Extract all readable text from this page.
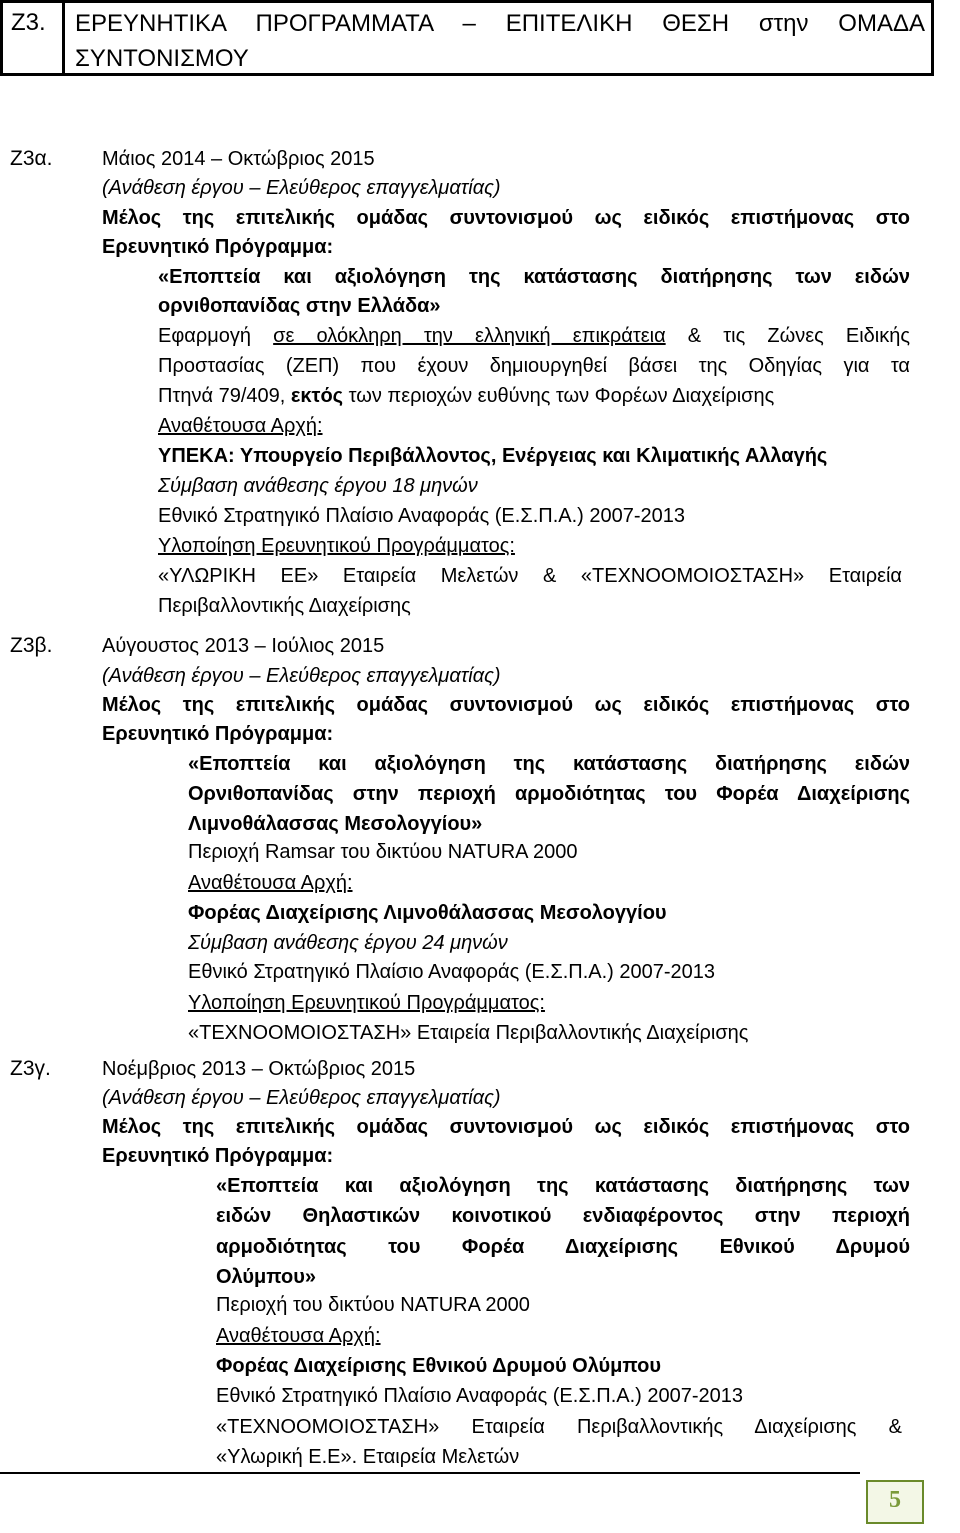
Ζ3.	ΕΡΕΥΝΗΤΙΚΑ ΠΡΟΓΡΑΜΜΑΤΑ – ΕΠΙΤΕΛΙΚΗ ΘΕΣΗ στην ΟΜΑΔΑ ΣΥΝΤΟΝΙΣΜΟΥ
Ζ3α. Μάιος 2014 – Οκτώβριος 2015
(Ανάθεση έργου – Ελεύθερος επαγγελματίας)
Μέλος της επιτελικής ομάδας συντονισμού ως ειδικός επιστήμονας στο
Ερευνητικό Πρόγραμμα:
«Εποπτεία και αξιολόγηση της κατάστασης διατήρησης των ειδών
ορνιθοπανίδας στην Ελλάδα»
Εφαρμογή σε ολόκληρη την ελληνική επικράτεια & τις Ζώνες Ειδικής
Προστασίας (ΖΕΠ) που έχουν δημιουργηθεί βάσει της Οδηγίας για τα
Πτηνά 79/409, εκτός των περιοχών ευθύνης των Φορέων Διαχείρισης
Αναθέτουσα Αρχή:
ΥΠΕΚΑ: Υπουργείο Περιβάλλοντος, Ενέργειας και Κλιματικής Αλλαγής
Σύμβαση ανάθεσης έργου 18 μηνών
Εθνικό Στρατηγικό Πλαίσιο Αναφοράς (Ε.Σ.Π.Α.) 2007-2013
Υλοποίηση Ερευνητικού Προγράμματος:
«ΥΛΩΡΙΚΗ ΕΕ» Εταιρεία Μελετών & «ΤΕΧΝΟΟΜΟΙΟΣΤΑΣΗ» Εταιρεία
Περιβαλλοντικής Διαχείρισης
Ζ3β. Αύγουστος 2013 – Ιούλιος 2015
(Ανάθεση έργου – Ελεύθερος επαγγελματίας)
Μέλος της επιτελικής ομάδας συντονισμού ως ειδικός επιστήμονας στο
Ερευνητικό Πρόγραμμα:
«Εποπτεία και αξιολόγηση της κατάστασης διατήρησης ειδών
Ορνιθοπανίδας στην περιοχή αρμοδιότητας του Φορέα Διαχείρισης
Λιμνοθάλασσας Μεσολογγίου»
Περιοχή Ramsar του δικτύου NATURA 2000
Αναθέτουσα Αρχή:
Φορέας Διαχείρισης Λιμνοθάλασσας Μεσολογγίου
Σύμβαση ανάθεσης έργου 24 μηνών
Εθνικό Στρατηγικό Πλαίσιο Αναφοράς (Ε.Σ.Π.Α.) 2007-2013
Υλοποίηση Ερευνητικού Προγράμματος:
«ΤΕΧΝΟΟΜΟΙΟΣΤΑΣΗ» Εταιρεία Περιβαλλοντικής Διαχείρισης
Ζ3γ.	Νοέμβριος 2013 – Οκτώβριος 2015
(Ανάθεση έργου – Ελεύθερος επαγγελματίας)
Μέλος της επιτελικής ομάδας συντονισμού ως ειδικός επιστήμονας στο
Ερευνητικό Πρόγραμμα:
«Εποπτεία και αξιολόγηση της κατάστασης διατήρησης των
ειδών Θηλαστικών κοινοτικού ενδιαφέροντος στην περιοχή
αρμοδιότητας του Φορέα Διαχείρισης Εθνικού Δρυμού
Ολύμπου»
Περιοχή του δικτύου NATURA 2000
Αναθέτουσα Αρχή:
Φορέας Διαχείρισης Εθνικού Δρυμού Ολύμπου
Εθνικό Στρατηγικό Πλαίσιο Αναφοράς (Ε.Σ.Π.Α.) 2007-2013
«ΤΕΧΝΟΟΜΟΙΟΣΤΑΣΗ» Εταιρεία Περιβαλλοντικής Διαχείρισης &
«Υλωρική Ε.Ε». Εταιρεία Μελετών
5
